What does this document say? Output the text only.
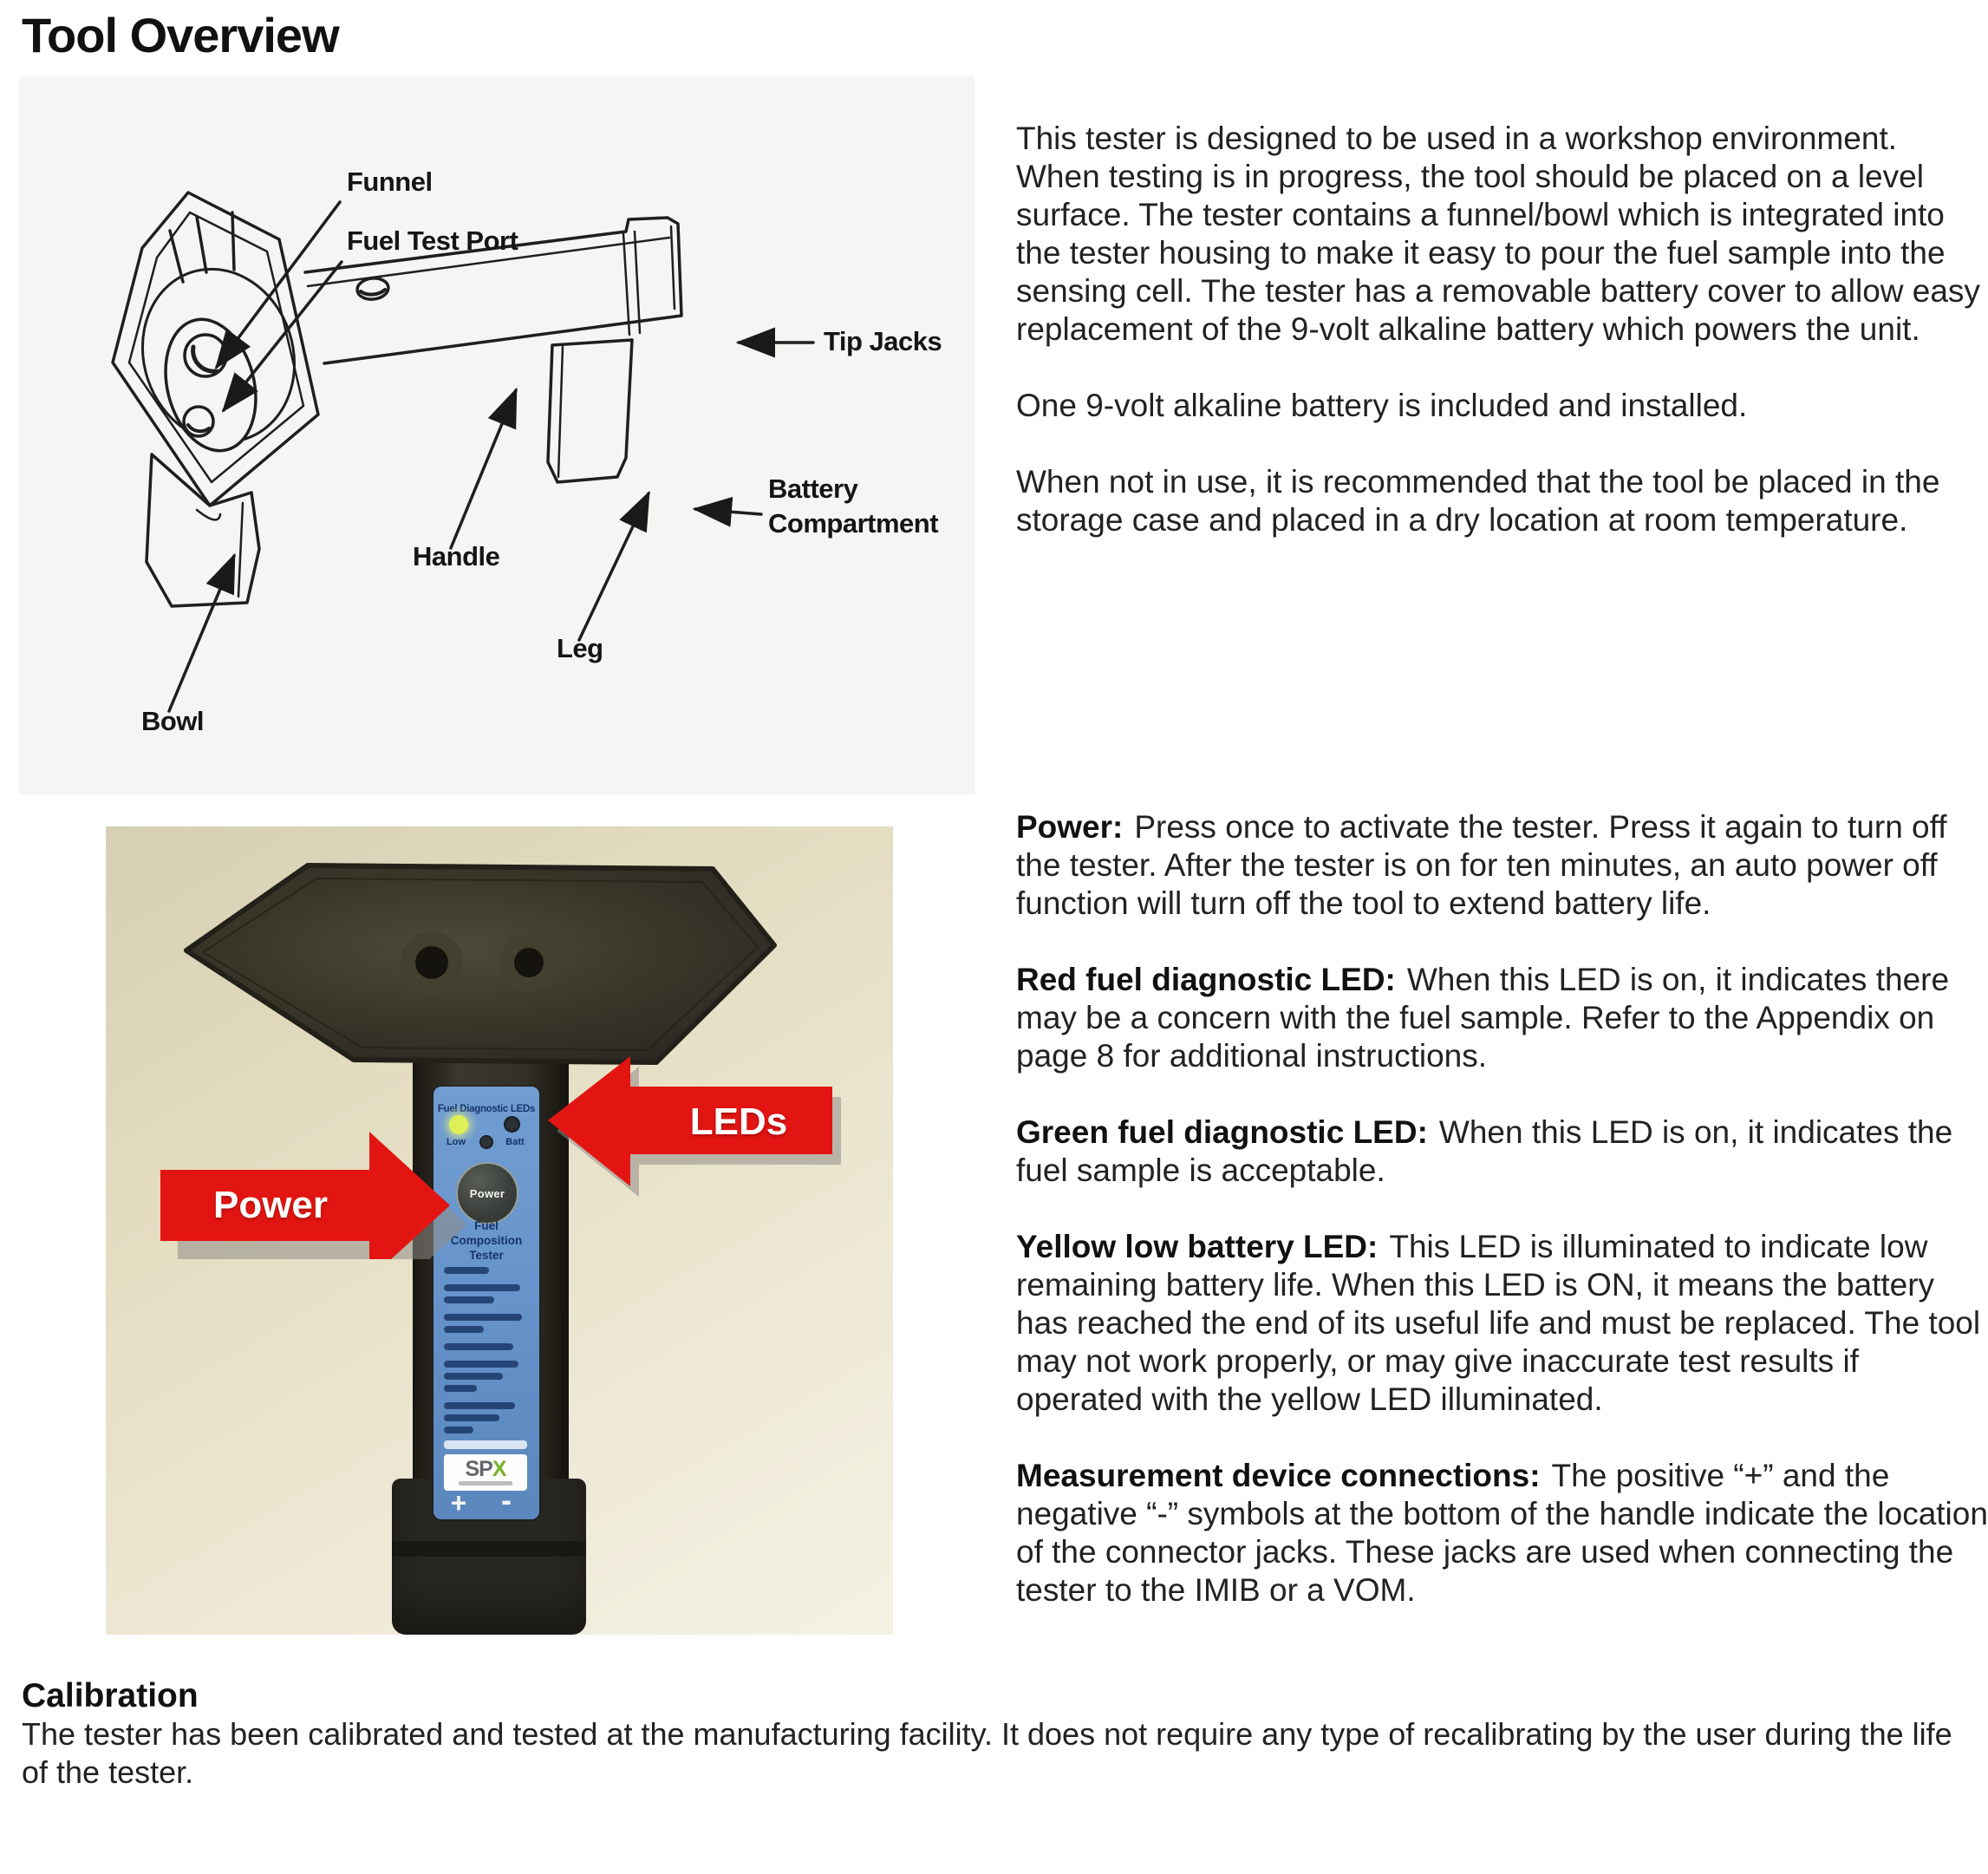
Tool Overview
Funnel
Fuel Test Port
Tip Jacks
Battery
Compartment
Handle
Leg
Bowl

This tester is designed to be used in a workshop environment. When testing is in progress, the tool should be placed on a level surface. The tester contains a funnel/bowl which is integrated into the tester housing to make it easy to pour the fuel sample into the sensing cell. The tester has a removable battery cover to allow easy replacement of the 9-volt alkaline battery which powers the unit.

One 9-volt alkaline battery is included and installed.

When not in use, it is recommended that the tool be placed in the storage case and placed in a dry location at room temperature.

Fuel Diagnostic LEDs
Low	Batt
Power
Fuel
Composition
Tester
SPX
+	-
Power
LEDs

Power: Press once to activate the tester. Press it again to turn off the tester. After the tester is on for ten minutes, an auto power off function will turn off the tool to extend battery life.

Red fuel diagnostic LED: When this LED is on, it indicates there may be a concern with the fuel sample. Refer to the Appendix on page 8 for additional instructions.

Green fuel diagnostic LED: When this LED is on, it indicates the fuel sample is acceptable.

Yellow low battery LED: This LED is illuminated to indicate low remaining battery life. When this LED is ON, it means the battery has reached the end of its useful life and must be replaced. The tool may not work properly, or may give inaccurate test results if operated with the yellow LED illuminated.

Measurement device connections: The positive “+” and the negative “-” symbols at the bottom of the handle indicate the location of the connector jacks. These jacks are used when connecting the tester to the IMIB or a VOM.

Calibration
The tester has been calibrated and tested at the manufacturing facility. It does not require any type of recalibrating by the user during the life of the tester.
